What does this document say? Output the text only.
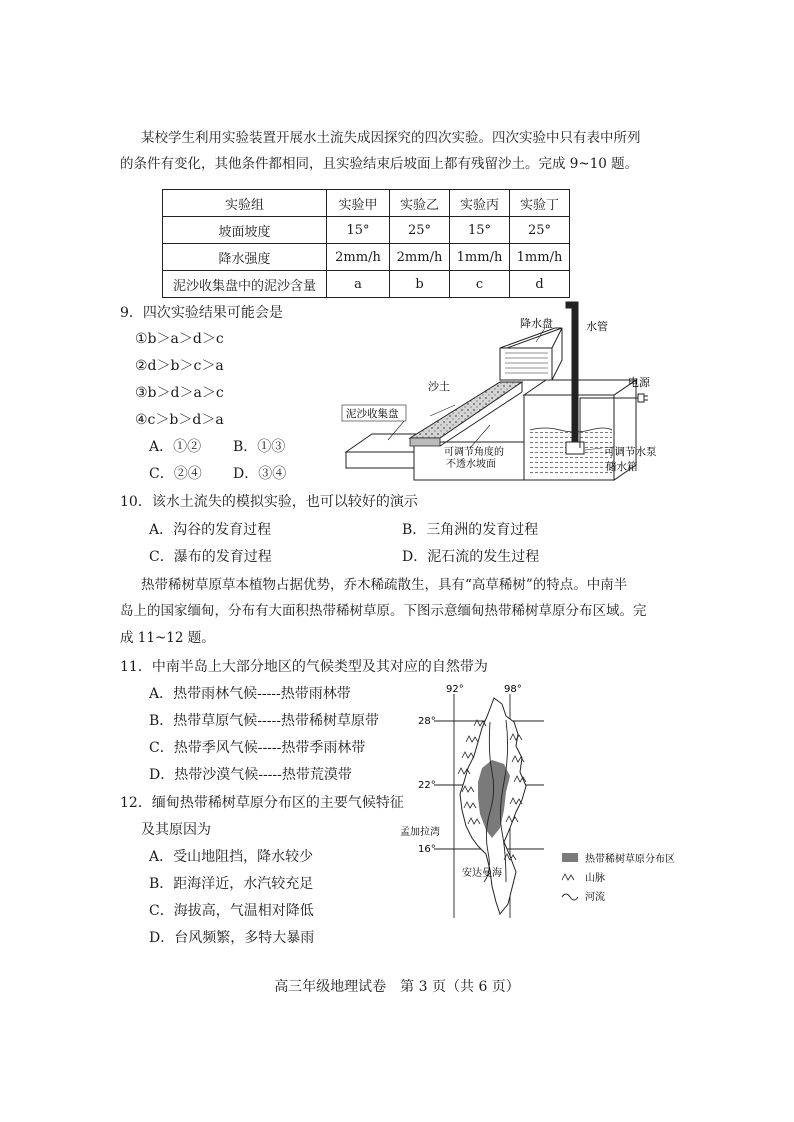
某校学生利用实验装置开展水土流失成因探究的四次实验。四次实验中只有表中所列
的条件有变化，其他条件都相同，且实验结束后坡面上都有残留沙土。完成 9~10 题。
实验组	实验甲	实验乙	实验丙	实验丁
坡面坡度	15°	25°	15°	25°
降水强度	2mm/h	2mm/h	1mm/h	1mm/h
泥沙收集盘中的泥沙含量	a	b	c	d
9．四次实验结果可能会是
①b＞a＞d＞c
②d＞b＞c＞a
③b＞d＞a＞c
④c＞b＞d＞a
A．①② B．①③
C．②④ D．③④
降水盘	水管
沙土	电源
泥沙收集盘
可调节角度的
不透水坡面
可调节水泵
储水箱
10．该水土流失的模拟实验，也可以较好的演示
A．沟谷的发育过程	B．三角洲的发育过程
C．瀑布的发育过程	D．泥石流的发生过程
热带稀树草原草本植物占据优势，乔木稀疏散生，具有“高草稀树”的特点。中南半
岛上的国家缅甸，分布有大面积热带稀树草原。下图示意缅甸热带稀树草原分布区域。完
成 11~12 题。
11．中南半岛上大部分地区的气候类型及其对应的自然带为
A．热带雨林气候-----热带雨林带
B．热带草原气候-----热带稀树草原带
C．热带季风气候-----热带季雨林带
D．热带沙漠气候-----热带荒漠带
12．缅甸热带稀树草原分布区的主要气候特征
及其原因为
A．受山地阻挡，降水较少
B．距海洋近，水汽较充足
C．海拔高，气温相对降低
D．台风频繁，多特大暴雨
92°	98°
28°
22°
16°
孟加拉湾
安达曼海
热带稀树草原分布区
山脉
河流
高三年级地理试卷　第 3 页（共 6 页）
